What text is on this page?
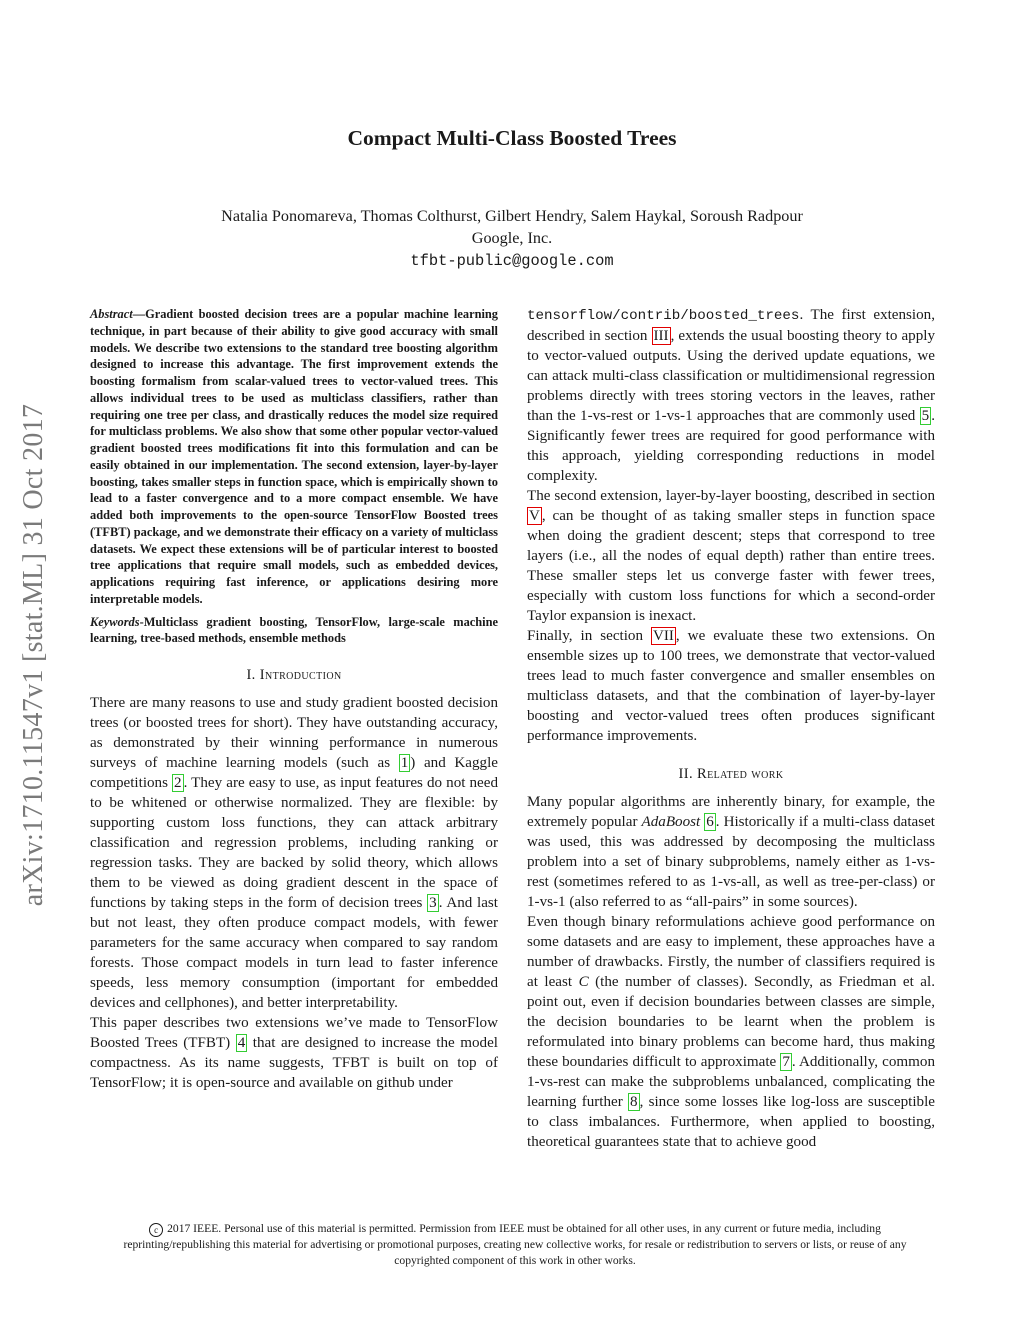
arXiv:1710.11547v1 [stat.ML] 31 Oct 2017
Compact Multi-Class Boosted Trees
Natalia Ponomareva, Thomas Colthurst, Gilbert Hendry, Salem Haykal, Soroush Radpour
Google, Inc.
tfbt-public@google.com

Abstract—Gradient boosted decision trees are a popular machine learning technique, in part because of their ability to give good accuracy with small models. We describe two extensions to the standard tree boosting algorithm designed to increase this advantage. The first improvement extends the boosting formalism from scalar-valued trees to vector-valued trees. This allows individual trees to be used as multiclass classifiers, rather than requiring one tree per class, and drastically reduces the model size required for multiclass problems. We also show that some other popular vector-valued gradient boosted trees modifications fit into this formulation and can be easily obtained in our implementation. The second extension, layer-by-layer boosting, takes smaller steps in function space, which is empirically shown to lead to a faster convergence and to a more compact ensemble. We have added both improvements to the open-source TensorFlow Boosted trees (TFBT) package, and we demonstrate their efficacy on a variety of multiclass datasets. We expect these extensions will be of particular interest to boosted tree applications that require small models, such as embedded devices, applications requiring fast inference, or applications desiring more interpretable models.

Keywords-Multiclass gradient boosting, TensorFlow, large-scale machine learning, tree-based methods, ensemble methods

I. Introduction

There are many reasons to use and study gradient boosted decision trees (or boosted trees for short). They have outstanding accuracy, as demonstrated by their winning performance in numerous surveys of machine learning models (such as 1 ) and Kaggle competitions 2 . They are easy to use, as input features do not need to be whitened or otherwise normalized. They are flexible: by supporting custom loss functions, they can attack arbitrary classification and regression problems, including ranking or regression tasks. They are backed by solid theory, which allows them to be viewed as doing gradient descent in the space of functions by taking steps in the form of decision trees 3 . And last but not least, they often produce compact models, with fewer parameters for the same accuracy when compared to say random forests. Those compact models in turn lead to faster inference speeds, less memory consumption (important for embedded devices and cellphones), and better interpretability.

This paper describes two extensions we’ve made to TensorFlow Boosted Trees (TFBT) 4 that are designed to increase the model compactness. As its name suggests, TFBT is built on top of TensorFlow; it is open-source and available on github under

tensorflow/contrib/boosted_trees. The first extension, described in section III , extends the usual boosting theory to apply to vector-valued outputs. Using the derived update equations, we can attack multi-class classification or multidimensional regression problems directly with trees storing vectors in the leaves, rather than the 1-vs-rest or 1-vs-1 approaches that are commonly used 5 . Significantly fewer trees are required for good performance with this approach, yielding corresponding reductions in model complexity.

The second extension, layer-by-layer boosting, described in section V , can be thought of as taking smaller steps in function space when doing the gradient descent; steps that correspond to tree layers (i.e., all the nodes of equal depth) rather than entire trees. These smaller steps let us converge faster with fewer trees, especially with custom loss functions for which a second-order Taylor expansion is inexact.

Finally, in section VII , we evaluate these two extensions. On ensemble sizes up to 100 trees, we demonstrate that vector-valued trees lead to much faster convergence and smaller ensembles on multiclass datasets, and that the combination of layer-by-layer boosting and vector-valued trees often produces significant performance improvements.

II. Related work

Many popular algorithms are inherently binary, for example, the extremely popular AdaBoost 6 . Historically if a multi-class dataset was used, this was addressed by decomposing the multiclass problem into a set of binary subproblems, namely either as 1-vs-rest (sometimes refered to as 1-vs-all, as well as tree-per-class) or 1-vs-1 (also referred to as “all-pairs” in some sources).

Even though binary reformulations achieve good performance on some datasets and are easy to implement, these approaches have a number of drawbacks. Firstly, the number of classifiers required is at least C (the number of classes). Secondly, as Friedman et al. point out, even if decision boundaries between classes are simple, the decision boundaries to be learnt when the problem is reformulated into binary problems can become hard, thus making these boundaries difficult to approximate 7 . Additionally, common 1-vs-rest can make the subproblems unbalanced, complicating the learning further 8 , since some losses like log-loss are susceptible to class imbalances. Furthermore, when applied to boosting, theoretical guarantees state that to achieve good

c 2017 IEEE. Personal use of this material is permitted. Permission from IEEE must be obtained for all other uses, in any current or future media, including reprinting/republishing this material for advertising or promotional purposes, creating new collective works, for resale or redistribution to servers or lists, or reuse of any copyrighted component of this work in other works.
